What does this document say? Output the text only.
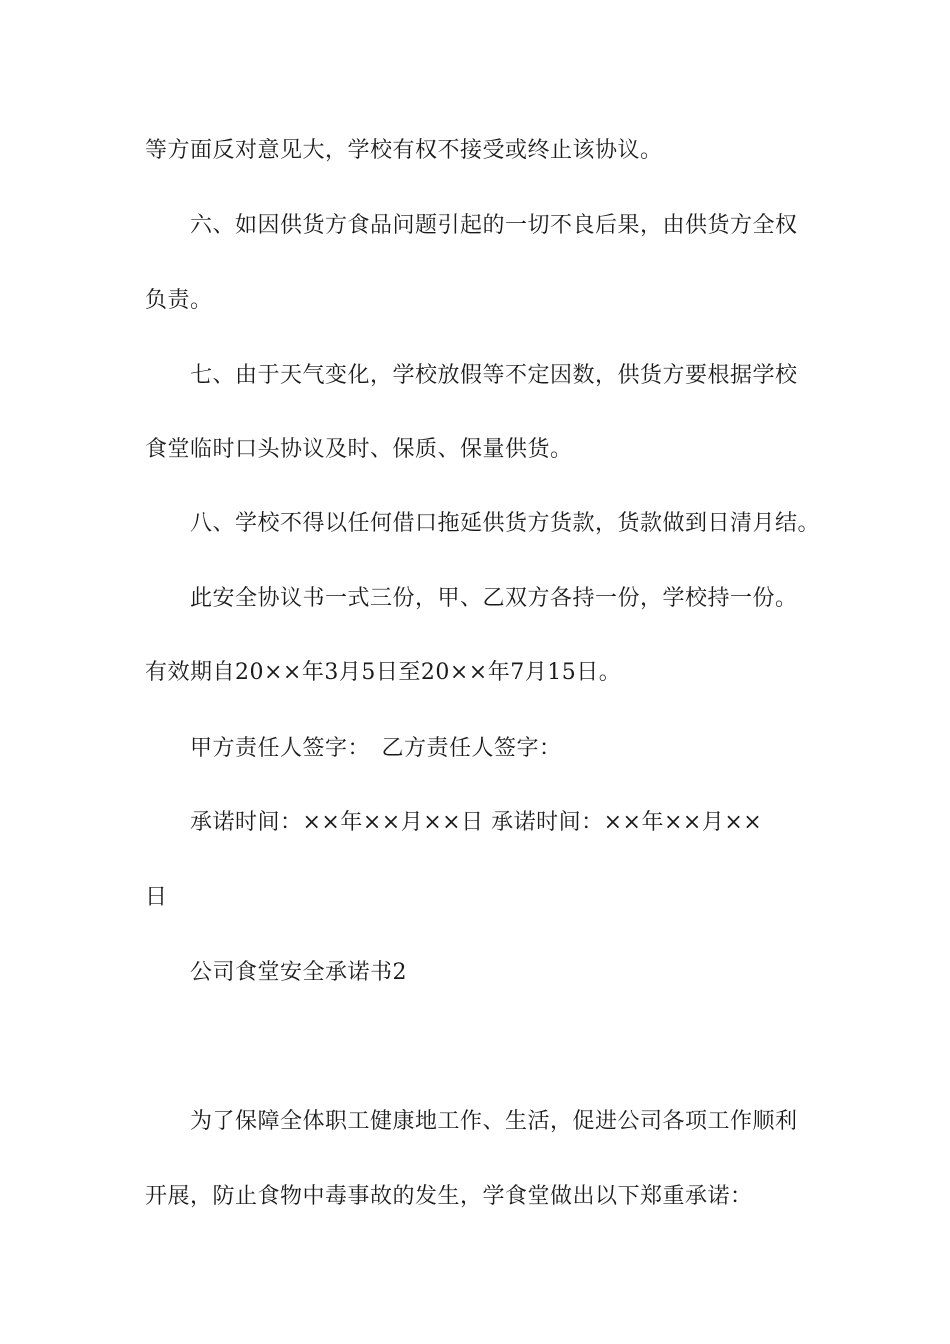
等方面反对意见大，学校有权不接受或终止该协议。
六、如因供货方食品问题引起的一切不良后果，由供货方全权
负责。
七、由于天气变化，学校放假等不定因数，供货方要根据学校
食堂临时口头协议及时、保质、保量供货。
八、学校不得以任何借口拖延供货方货款，货款做到日清月结。
此安全协议书一式三份，甲、乙双方各持一份，学校持一份。
有效期自20××年3月5日至20××年7月15日。
甲方责任人签字：　乙方责任人签字：
承诺时间：××年××月××日 承诺时间：××年××月××
日
公司食堂安全承诺书2
为了保障全体职工健康地工作、生活，促进公司各项工作顺利
开展，防止食物中毒事故的发生，学食堂做出以下郑重承诺：
